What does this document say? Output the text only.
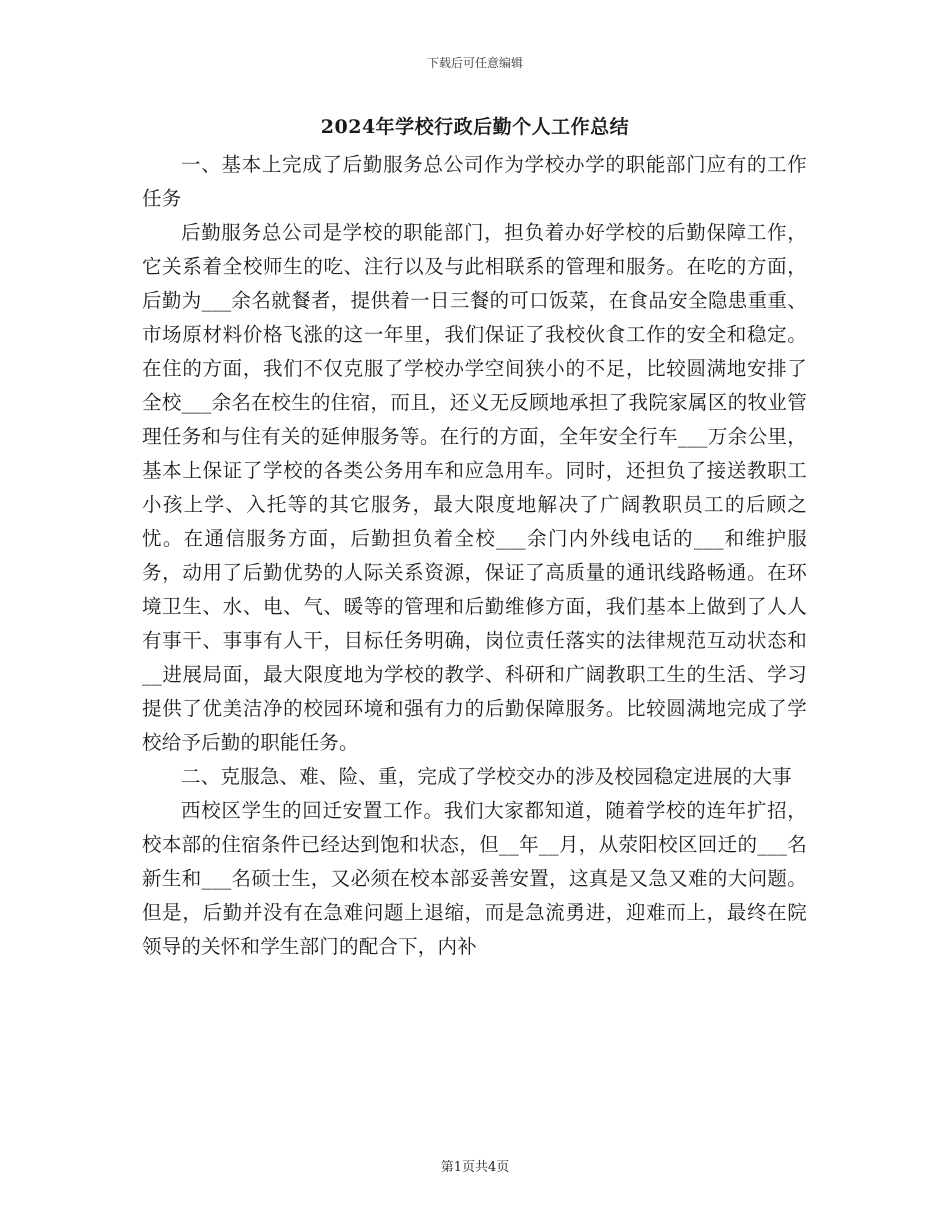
下载后可任意编辑
2024年学校行政后勤个人工作总结

一、基本上完成了后勤服务总公司作为学校办学的职能部门应有的工作任务

后勤服务总公司是学校的职能部门，担负着办好学校的后勤保障工作，它关系着全校师生的吃、注行以及与此相联系的管理和服务。在吃的方面，后勤为___余名就餐者，提供着一日三餐的可口饭菜，在食品安全隐患重重、市场原材料价格飞涨的这一年里，我们保证了我校伙食工作的安全和稳定。在住的方面，我们不仅克服了学校办学空间狭小的不足，比较圆满地安排了全校___余名在校生的住宿，而且，还义无反顾地承担了我院家属区的牧业管理任务和与住有关的延伸服务等。在行的方面，全年安全行车___万余公里，基本上保证了学校的各类公务用车和应急用车。同时，还担负了接送教职工小孩上学、入托等的其它服务，最大限度地解决了广阔教职员工的后顾之忧。在通信服务方面，后勤担负着全校___余门内外线电话的___和维护服务，动用了后勤优势的人际关系资源，保证了高质量的通讯线路畅通。在环境卫生、水、电、气、暖等的管理和后勤维修方面，我们基本上做到了人人有事干、事事有人干，目标任务明确，岗位责任落实的法律规范互动状态和__进展局面，最大限度地为学校的教学、科研和广阔教职工生的生活、学习提供了优美洁净的校园环境和强有力的后勤保障服务。比较圆满地完成了学校给予后勤的职能任务。

二、克服急、难、险、重，完成了学校交办的涉及校园稳定进展的大事

西校区学生的回迁安置工作。我们大家都知道，随着学校的连年扩招，校本部的住宿条件已经达到饱和状态，但__年__月，从荥阳校区回迁的___名新生和___名硕士生，又必须在校本部妥善安置，这真是又急又难的大问题。但是，后勤并没有在急难问题上退缩，而是急流勇进，迎难而上，最终在院领导的关怀和学生部门的配合下，内补

第1页共4页
